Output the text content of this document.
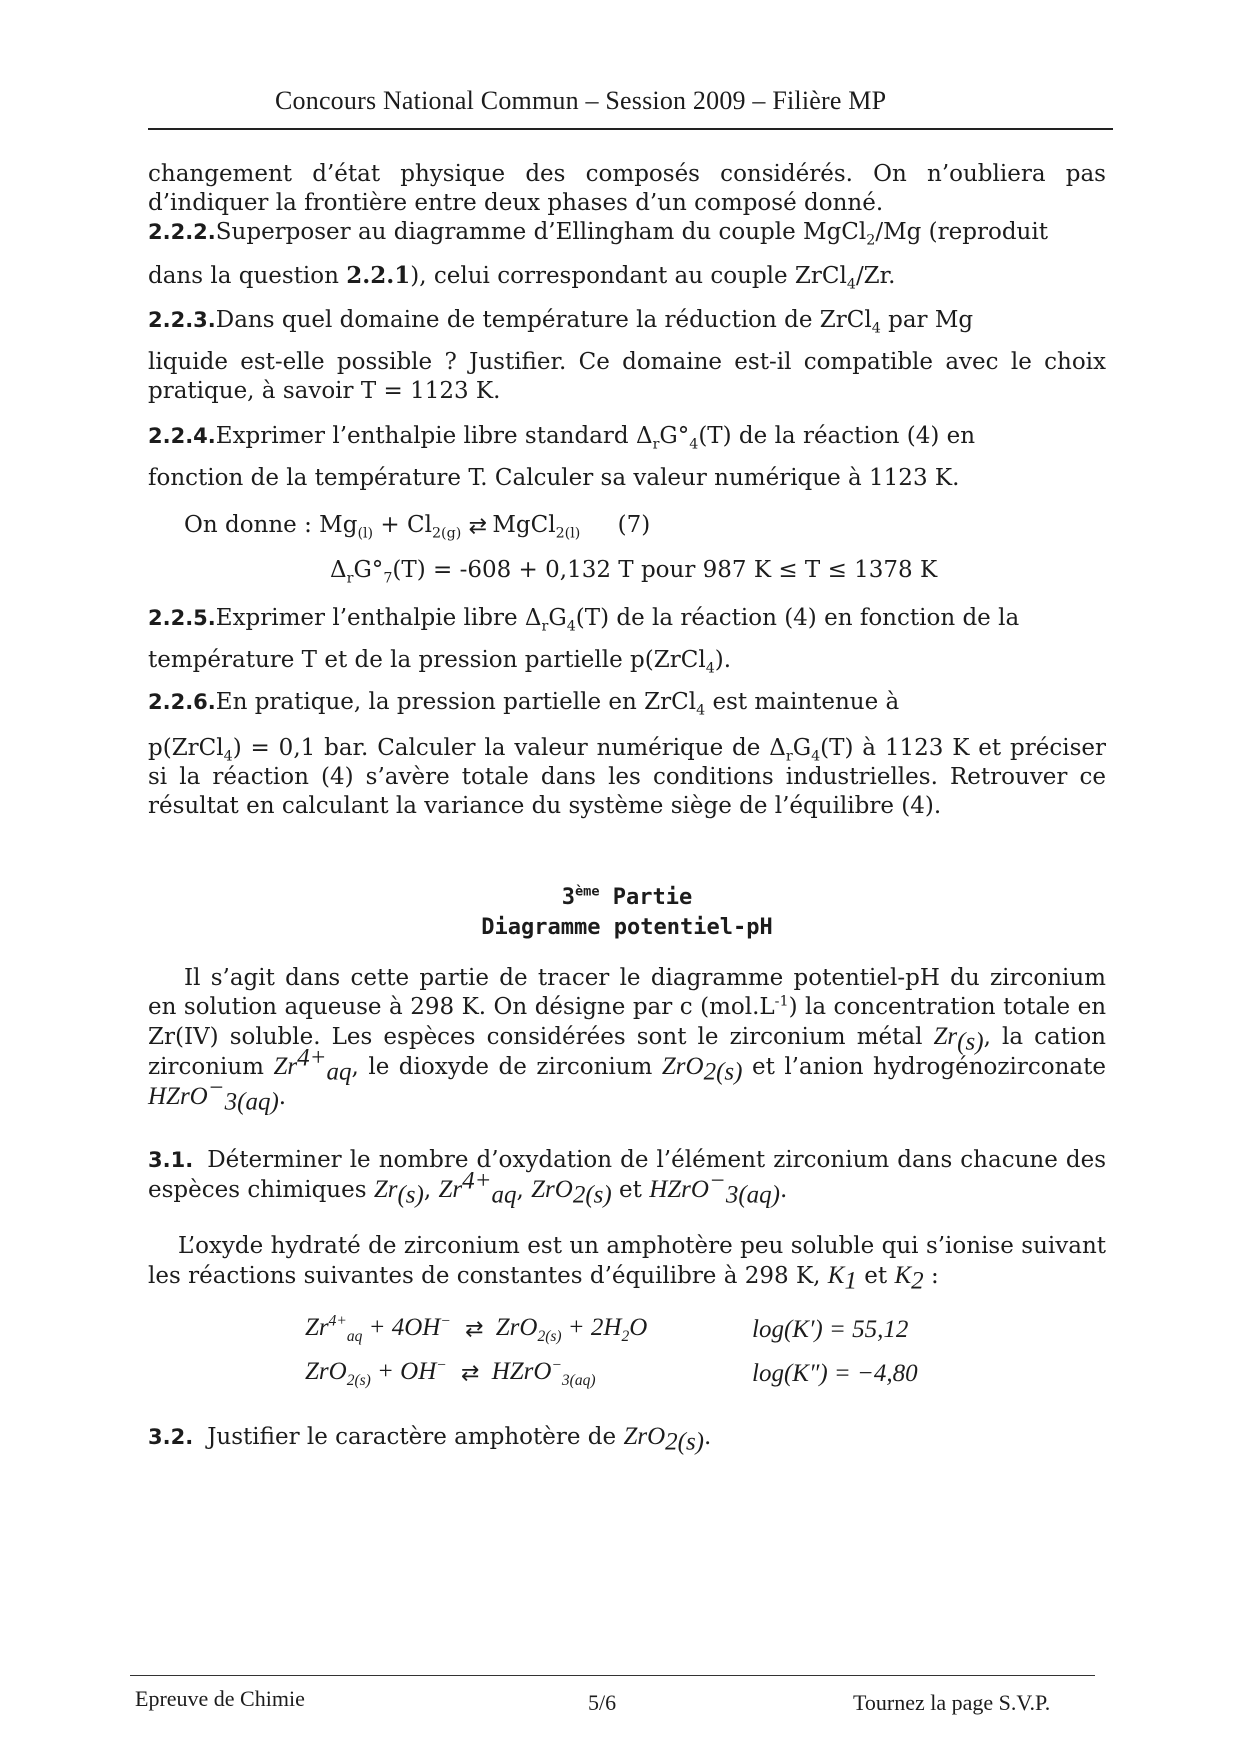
Concours National Commun – Session 2009 – Filière MP
changement d’état physique des composés considérés. On n’oubliera pas d’indiquer la frontière entre deux phases d’un composé donné.
2.2.2.Superposer au diagramme d’Ellingham du couple MgCl$_2$/Mg (reproduit
dans la question 2.2.1), celui correspondant au couple ZrCl$_4$/Zr.
2.2.3.Dans quel domaine de température la réduction de ZrCl$_4$ par Mg
liquide est-elle possible ? Justifier. Ce domaine est-il compatible avec le choix pratique, à savoir T = 1123 K.
2.2.4.Exprimer l’enthalpie libre standard $\Delta_rG^\circ_4(T)$ de la réaction (4) en
fonction de la température T. Calculer sa valeur numérique à 1123 K.
On donne : $Mg_{(l)} + Cl_{2(g)}$ ⇄ MgCl$_{2(l)}$ (7)
$\Delta_rG^\circ_7(T) = -608 + 0,132$ T pour 987 K ≤ T ≤ 1378 K
2.2.5.Exprimer l’enthalpie libre $\Delta_rG_4(T)$ de la réaction (4) en fonction de la
température T et de la pression partielle p(ZrCl$_4$).
2.2.6.En pratique, la pression partielle en ZrCl$_4$ est maintenue à
p(ZrCl$_4$) = 0,1 bar. Calculer la valeur numérique de $\Delta_rG_4(T)$ à 1123 K et préciser si la réaction (4) s’avère totale dans les conditions industrielles. Retrouver ce résultat en calculant la variance du système siège de l’équilibre (4).
3ème Partie
Diagramme potentiel-pH
Il s’agit dans cette partie de tracer le diagramme potentiel-pH du zirconium en solution aqueuse à 298 K. On désigne par c $(mol.L^{-1})$ la concentration totale en Zr(IV) soluble. Les espèces considérées sont le zirconium métal $Zr_{(s)}$, la cation zirconium $Zr^{4+}_{aq}$, le dioxyde de zirconium ZrO$_{2(s)}$ et l’anion hydrogénozirconate HZrO−$_{3(aq)}$.
3.1. Déterminer le nombre d’oxydation de l’élément zirconium dans chacune des espèces chimiques $Zr_{(s)}$, $Zr^{4+}_{aq}$, ZrO$_{2(s)}$ et HZrO−$_{3(aq)}$.
L’oxyde hydraté de zirconium est un amphotère peu soluble qui s’ionise suivant les réactions suivantes de constantes d’équilibre à 298 K, $K_1$ et $K_2$ :
$Zr^{4+}_{aq} + 4OH^-$ ⇄ $ZrO_{2(s)} + 2H_2O$	log(K′) = 55,12
ZrO$_{2(s)}$ + OH− ⇄ HZrO−$_{3(aq)}$	log(K″) = −4,80
3.2. Justifier le caractère amphotère de ZrO$_{2(s)}$.
Epreuve de Chimie	5/6	Tournez la page S.V.P.
